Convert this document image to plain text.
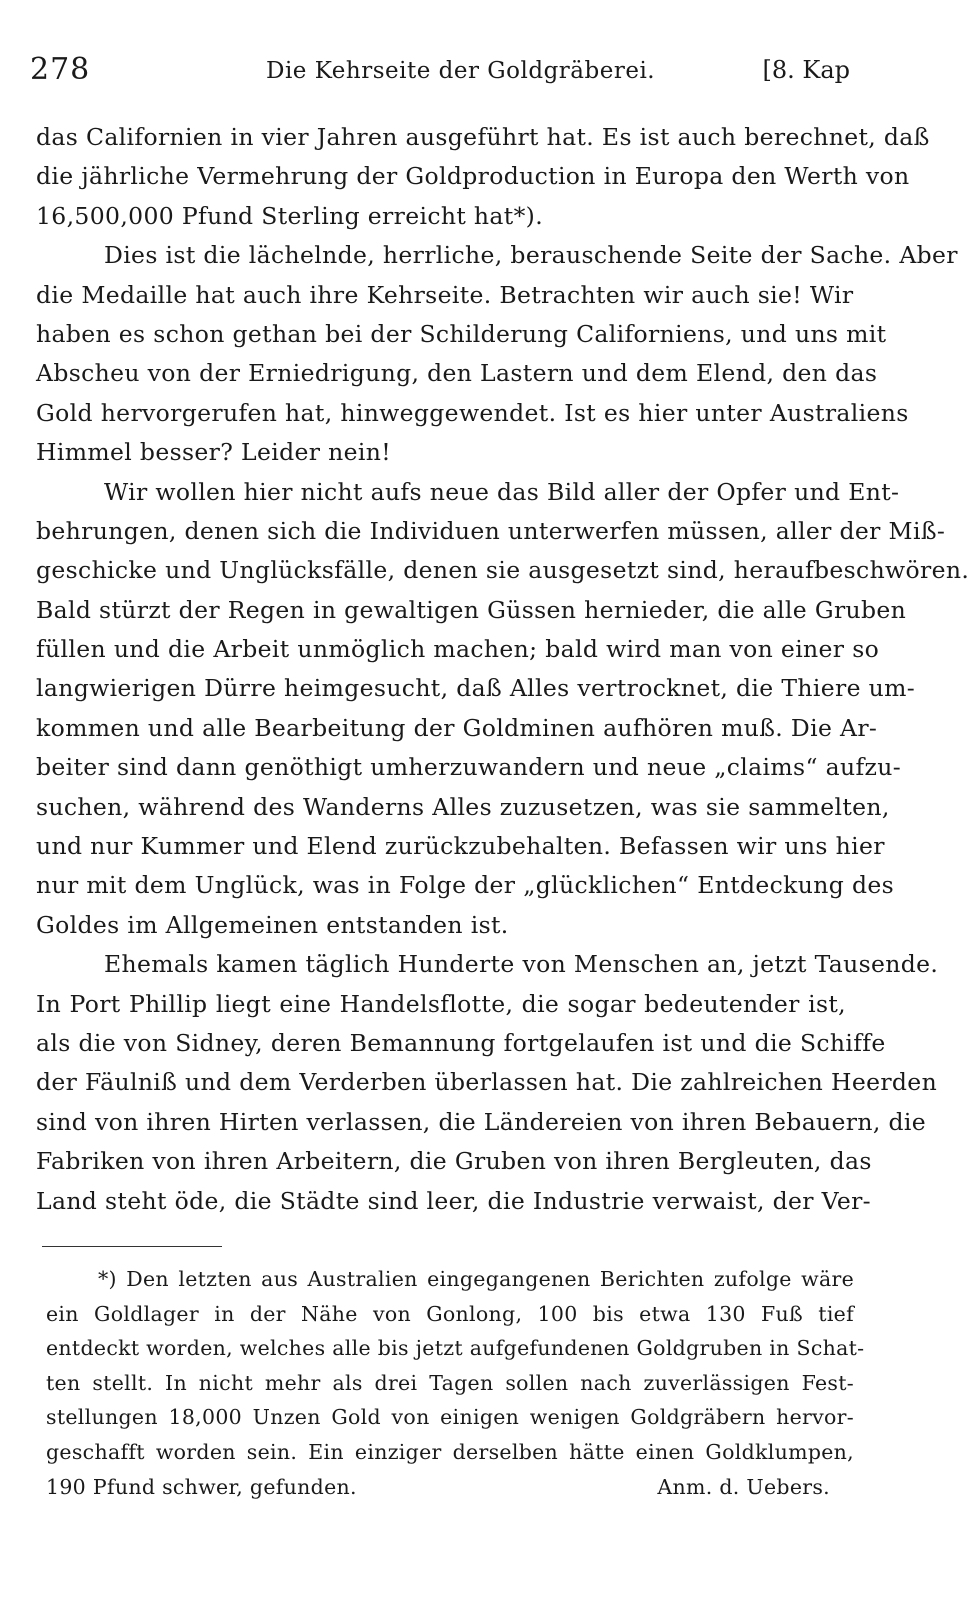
278	Die Kehrseite der Goldgräberei.	[8. Kap
das Californien in vier Jahren ausgeführt hat. Es ist auch berechnet, daß
die jährliche Vermehrung der Goldproduction in Europa den Werth von
16,500,000 Pfund Sterling erreicht hat*).
Dies ist die lächelnde, herrliche, berauschende Seite der Sache. Aber
die Medaille hat auch ihre Kehrseite. Betrachten wir auch sie! Wir
haben es schon gethan bei der Schilderung Californiens, und uns mit
Abscheu von der Erniedrigung, den Lastern und dem Elend, den das
Gold hervorgerufen hat, hinweggewendet. Ist es hier unter Australiens
Himmel besser? Leider nein!
Wir wollen hier nicht aufs neue das Bild aller der Opfer und Ent-
behrungen, denen sich die Individuen unterwerfen müssen, aller der Miß-
geschicke und Unglücksfälle, denen sie ausgesetzt sind, heraufbeschwören.
Bald stürzt der Regen in gewaltigen Güssen hernieder, die alle Gruben
füllen und die Arbeit unmöglich machen; bald wird man von einer so
langwierigen Dürre heimgesucht, daß Alles vertrocknet, die Thiere um-
kommen und alle Bearbeitung der Goldminen aufhören muß. Die Ar-
beiter sind dann genöthigt umherzuwandern und neue „claims“ aufzu-
suchen, während des Wanderns Alles zuzusetzen, was sie sammelten,
und nur Kummer und Elend zurückzubehalten. Befassen wir uns hier
nur mit dem Unglück, was in Folge der „glücklichen“ Entdeckung des
Goldes im Allgemeinen entstanden ist.
Ehemals kamen täglich Hunderte von Menschen an, jetzt Tausende.
In Port Phillip liegt eine Handelsflotte, die sogar bedeutender ist,
als die von Sidney, deren Bemannung fortgelaufen ist und die Schiffe
der Fäulniß und dem Verderben überlassen hat. Die zahlreichen Heerden
sind von ihren Hirten verlassen, die Ländereien von ihren Bebauern, die
Fabriken von ihren Arbeitern, die Gruben von ihren Bergleuten, das
Land steht öde, die Städte sind leer, die Industrie verwaist, der Ver-
*) Den letzten aus Australien eingegangenen Berichten zufolge wäre
ein Goldlager in der Nähe von Gonlong, 100 bis etwa 130 Fuß tief
entdeckt worden, welches alle bis jetzt aufgefundenen Goldgruben in Schat-
ten stellt. In nicht mehr als drei Tagen sollen nach zuverlässigen Fest-
stellungen 18,000 Unzen Gold von einigen wenigen Goldgräbern hervor-
geschafft worden sein. Ein einziger derselben hätte einen Goldklumpen,
190 Pfund schwer, gefunden.	Anm. d. Uebers.
